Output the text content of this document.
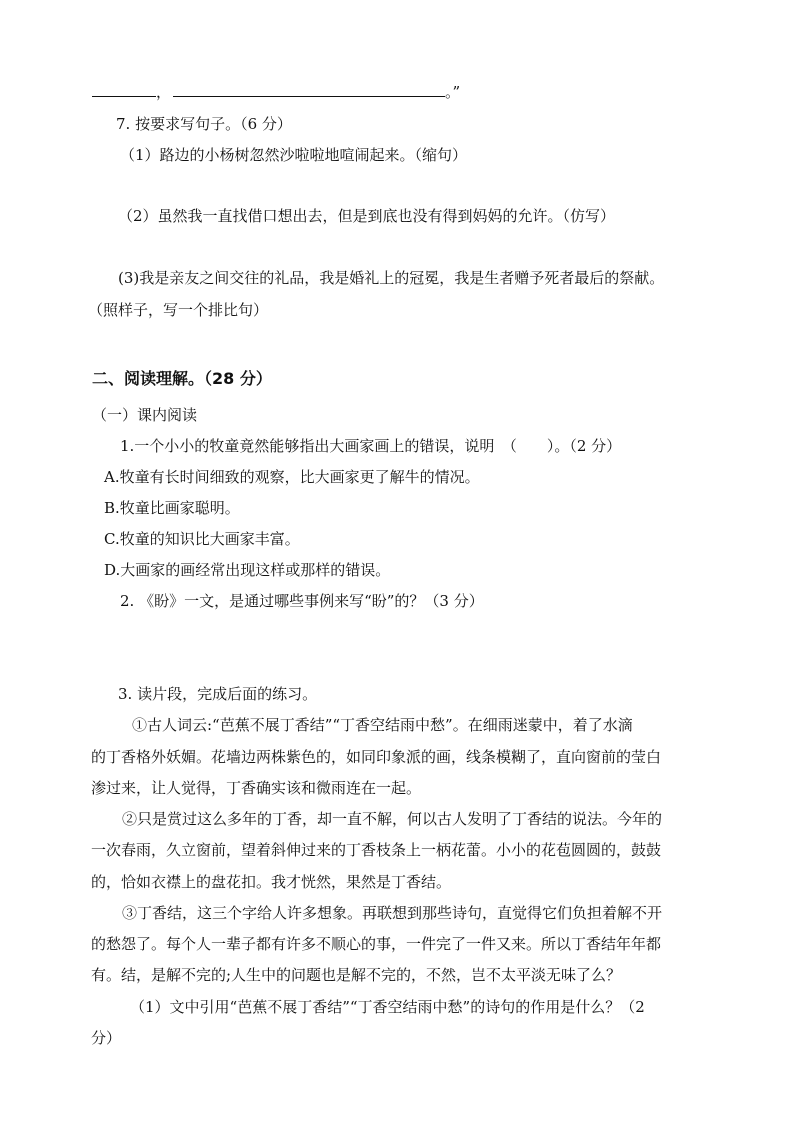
，	。”
7. 按要求写句子。（6 分）
（1）路边的小杨树忽然沙啦啦地喧闹起来。（缩句）
（2）虽然我一直找借口想出去，但是到底也没有得到妈妈的允许。（仿写）
(3)我是亲友之间交往的礼品，我是婚礼上的冠冕，我是生者赠予死者最后的祭献。
（照样子，写一个排比句）
二、阅读理解。（28 分）
（一）课内阅读
1.一个小小的牧童竟然能够指出大画家画上的错误，说明　（　　）。（2 分）
A.牧童有长时间细致的观察，比大画家更了解牛的情况。
B.牧童比画家聪明。
C.牧童的知识比大画家丰富。
D.大画家的画经常出现这样或那样的错误。
2. 《盼》一文，是通过哪些事例来写“盼”的？（3 分）
3. 读片段，完成后面的练习。
①古人词云:“芭蕉不展丁香结”“丁香空结雨中愁”。在细雨迷蒙中，着了水滴
的丁香格外妖媚。花墙边两株紫色的，如同印象派的画，线条模糊了，直向窗前的莹白
渗过来，让人觉得，丁香确实该和微雨连在一起。
②只是赏过这么多年的丁香，却一直不解，何以古人发明了丁香结的说法。今年的
一次春雨，久立窗前，望着斜伸过来的丁香枝条上一柄花蕾。小小的花苞圆圆的，鼓鼓
的，恰如衣襟上的盘花扣。我才恍然，果然是丁香结。
③丁香结，这三个字给人许多想象。再联想到那些诗句，直觉得它们负担着解不开
的愁怨了。每个人一辈子都有许多不顺心的事，一件完了一件又来。所以丁香结年年都
有。结，是解不完的;人生中的问题也是解不完的，不然，岂不太平淡无味了么？
（1）文中引用“芭蕉不展丁香结”“丁香空结雨中愁”的诗句的作用是什么？（2
分）
